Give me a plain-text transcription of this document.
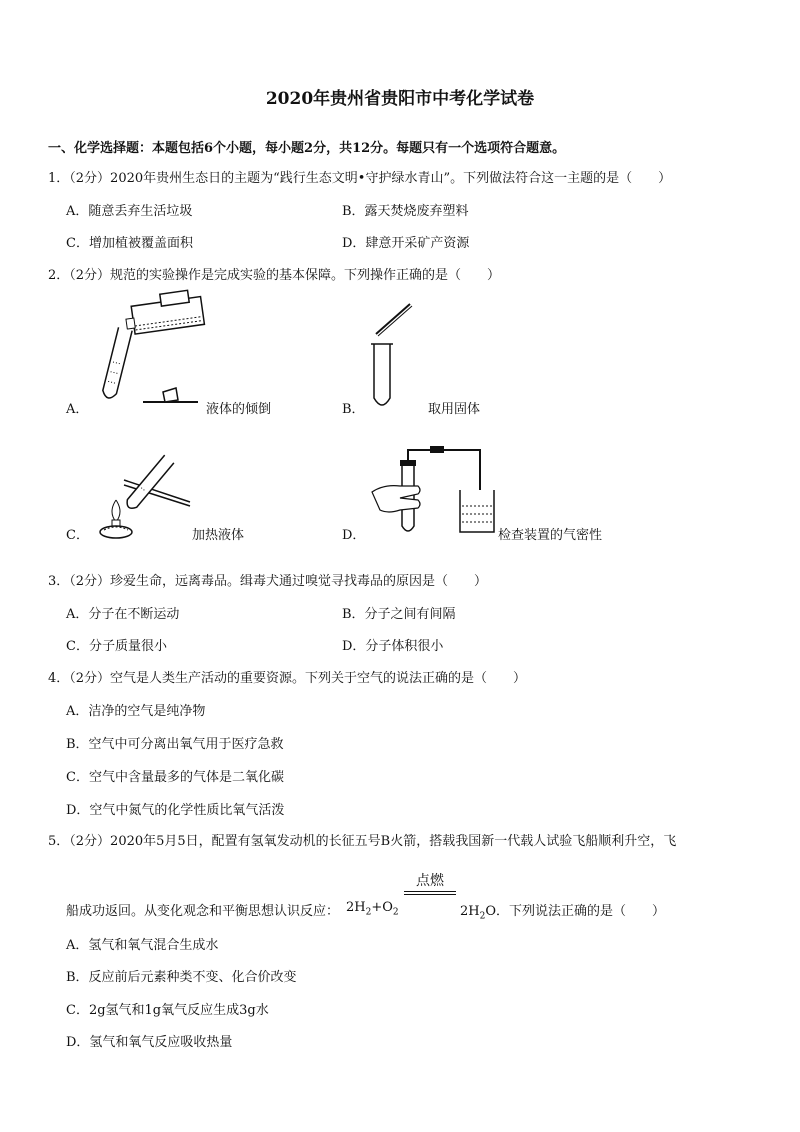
2020年贵州省贵阳市中考化学试卷
一、化学选择题：本题包括6个小题，每小题2分，共12分。每题只有一个选项符合题意。
1．（2分）2020年贵州生态日的主题为“践行生态文明•守护绿水青山”。下列做法符合这一主题的是（　　）
A．随意丢弃生活垃圾	B．露天焚烧废弃塑料
C．增加植被覆盖面积	D．肆意开采矿产资源
2．（2分）规范的实验操作是完成实验的基本保障。下列操作正确的是（　　）
A．	液体的倾倒	B．	取用固体
C．	加热液体	D．	检查装置的气密性
3．（2分）珍爱生命，远离毒品。缉毒犬通过嗅觉寻找毒品的原因是（　　）
A．分子在不断运动	B．分子之间有间隔
C．分子质量很小	D．分子体积很小
4．（2分）空气是人类生产活动的重要资源。下列关于空气的说法正确的是（　　）
A．洁净的空气是纯净物
B．空气中可分离出氧气用于医疗急救
C．空气中含量最多的气体是二氧化碳
D．空气中氮气的化学性质比氧气活泼
5．（2分）2020年5月5日，配置有氢氧发动机的长征五号B火箭，搭载我国新一代载人试验飞船顺利升空，飞
点燃
船成功返回。从变化观念和平衡思想认识反应： $2H_2+O_2$	$2H_2O$．下列说法正确的是（　　）
A．氢气和氧气混合生成水
B．反应前后元素种类不变、化合价改变
C．2g氢气和1g氧气反应生成3g水
D．氢气和氧气反应吸收热量
